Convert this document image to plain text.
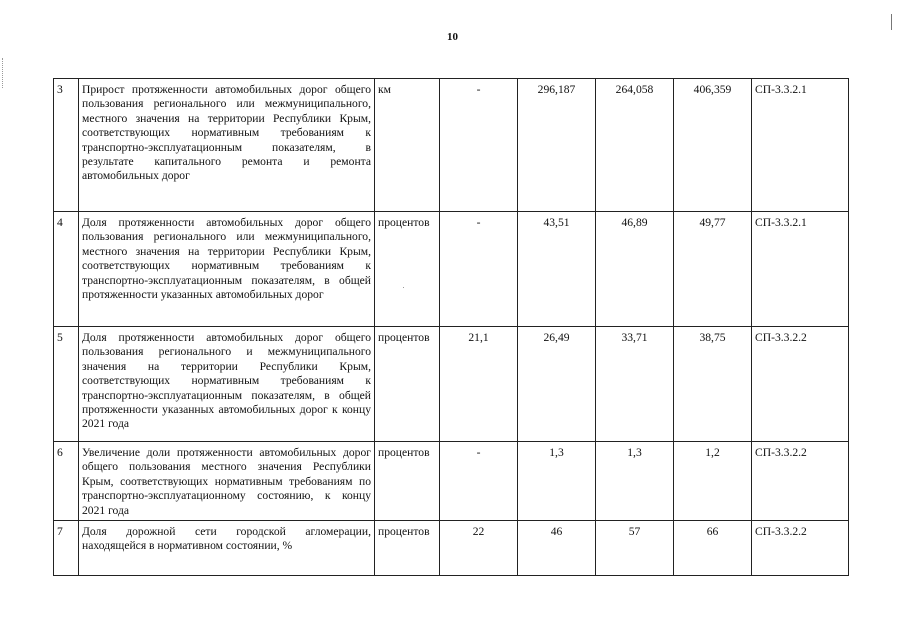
10
3	Прирост протяженности автомобильных дорог общего пользования региональногo или межмуниципального, местного значения на территории Республики Крым, соответствующих нормативным требованиям к транспортно-эксплуатационным показателям, в результате капитального ремонта и ремонта автомобильных дорог	км	-	296,187	264,058	406,359	СП-3.3.2.1
4	Доля протяженности автомобильных дорог общего пользования регионального или межмуниципального, местного значения на территории Республики Крым, соответствующих нормативным требованиям к транспортно-эксплуатационным показателям, в общей протяженности указанных автомобильных дорог	процентов	-	43,51	46,89	49,77	СП-3.3.2.1
5	Доля протяженности автомобильных дорог общего пользования регионального и межмуниципального значения на территории Республики Крым, соответствующих нормативным требованиям к транспортно-эксплуатационным показателям, в общей протяженности указанных автомобильных дорог к концу 2021 года	процентов	21,1	26,49	33,71	38,75	СП-3.3.2.2
6	Увеличение доли протяженности автомобильных дорог общего пользования местного значения Республики Крым, соответствующих нормативным требованиям по транспортно-эксплуатационному состоянию, к концу 2021 года	процентов	-	1,3	1,3	1,2	СП-3.3.2.2
7	Доля дорожной сети городской агломерации, находящейся в нормативном состоянии, %	процентов	22	46	57	66	СП-3.3.2.2
